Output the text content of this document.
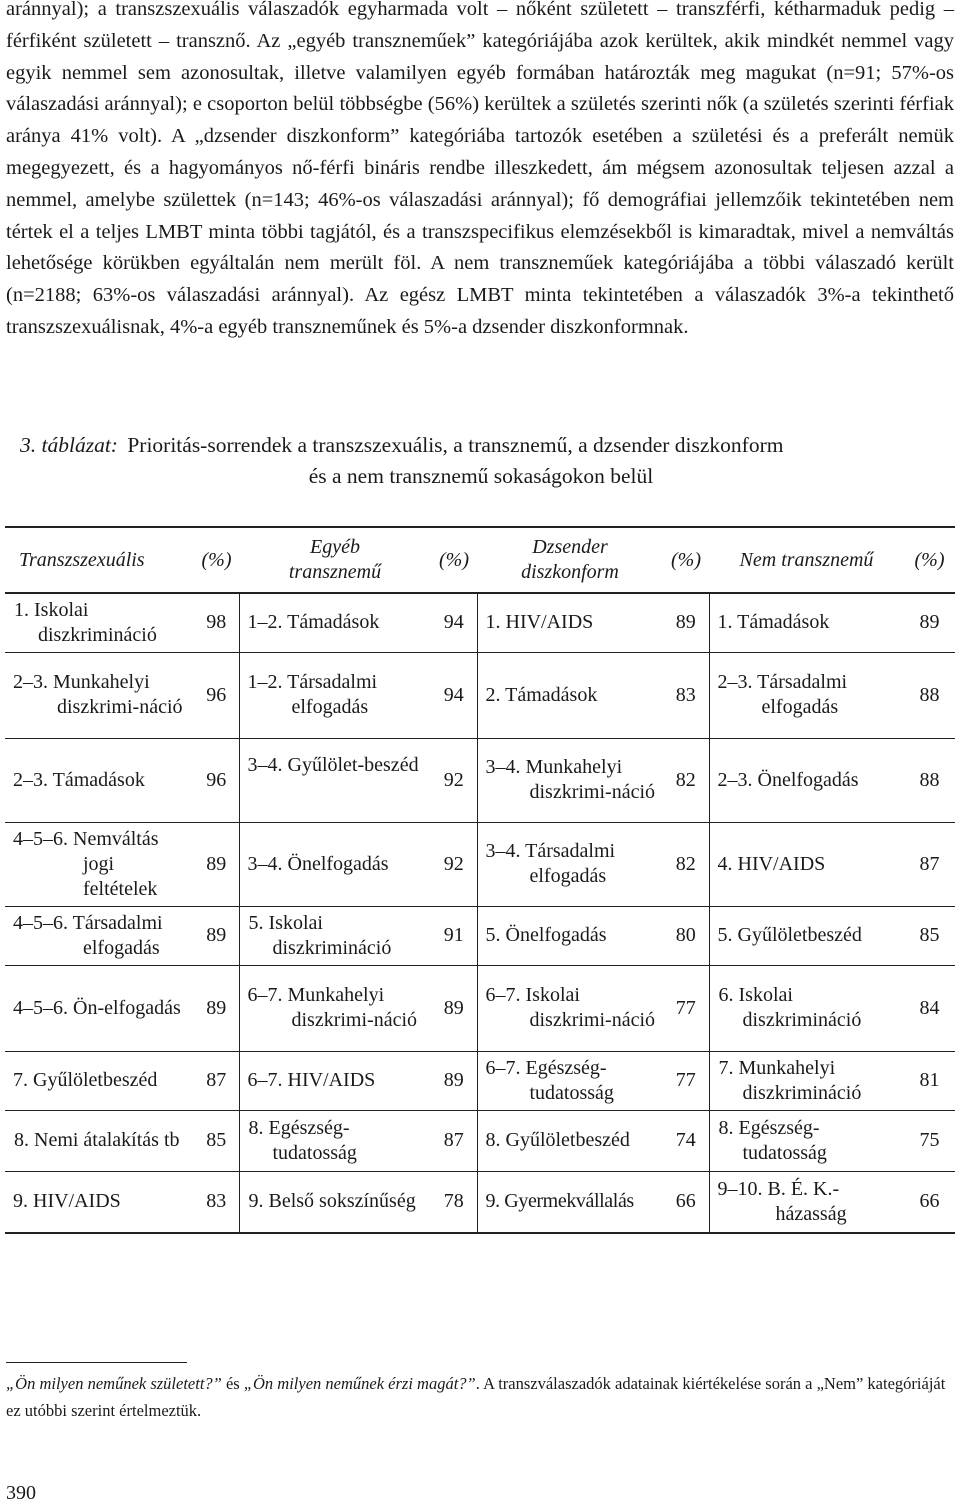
aránnyal); a transzszexuális válaszadók egyharmada volt – nőként született – transzférfi, kétharmaduk pedig – férfiként született – transznő. Az „egyéb transzneműek” kategóriájába azok kerültek, akik mindkét nemmel vagy egyik nemmel sem azonosultak, illetve valamilyen egyéb formában határozták meg magukat (n=91; 57%-os válaszadási aránnyal); e csoporton belül többségbe (56%) kerültek a születés szerinti nők (a születés szerinti férfiak aránya 41% volt). A „dzsender diszkonform” kategóriába tartozók esetében a születési és a preferált nemük megegyezett, és a hagyományos nő-férfi bináris rendbe illeszkedett, ám mégsem azonosultak teljesen azzal a nemmel, amelybe születtek (n=143; 46%-os válaszadási aránnyal); fő demográfiai jellemzőik tekintetében nem tértek el a teljes LMBT minta többi tagjától, és a transzspecifikus elemzésekből is kimaradtak, mivel a nemváltás lehetősége körükben egyáltalán nem merült föl. A nem transzneműek kategóriájába a többi válaszadó került (n=2188; 63%-os válaszadási aránnyal). Az egész LMBT minta tekintetében a válaszadók 3%-a tekinthető transzszexuálisnak, 4%-a egyéb transzneműnek és 5%-a dzsender diszkonformnak.

3. táblázat: Prioritás-sorrendek a transzszexuális, a transznemű, a dzsender diszkonform
és a nem transznemű sokaságokon belül
Transzszexuális	(%)	Egyéb transznemű	(%)	Dzsender diszkonform	(%)	Nem transznemű	(%)

1. Iskolai diszkrimináció	98	1–2. Támadások	94	1. HIV/AIDS	89	1. Támadások	89

2–3. Munkahelyi diszkrimi-náció	96	1–2. Társadalmi elfogadás	94	2. Támadások	83	2–3. Társadalmi elfogadás	88
2–3. Támadások	96	3–4. Gyűlölet-beszéd	92	3–4. Munkahelyi diszkrimi-náció	82	2–3. Önelfogadás	88

4–5–6. Nemváltás jogi feltételek	89	3–4. Önelfogadás	92	3–4. Társadalmi elfogadás	82	4. HIV/AIDS	87

4–5–6. Társadalmi elfogadás	89	5. Iskolai diszkrimináció	91	5. Önelfogadás	80	5. Gyűlöletbeszéd	85

4–5–6. Ön-elfogadás	89	6–7. Munkahelyi diszkrimi-náció	89	6–7. Iskolai diszkrimi-náció	77	6. Iskolai diszkrimináció	84
7. Gyűlöletbeszéd	87	6–7. HIV/AIDS	89	6–7. Egészség-tudatosság	77	7. Munkahelyi diszkrimináció	81

8. Nemi átalakítás tb	85	8. Egészség-tudatosság	87	8. Gyűlöletbeszéd	74	8. Egészség-tudatosság	75
9. HIV/AIDS	83	9. Belső sokszínűség	78	9. Gyermekvállalás	66	9–10. B. É. K.-házasság	66

„Ön milyen neműnek született?” és „Ön milyen neműnek érzi magát?”. A transzválaszadók adatainak kiértékelése során a „Nem” kategóriáját ez utóbbi szerint értelmeztük.

390
